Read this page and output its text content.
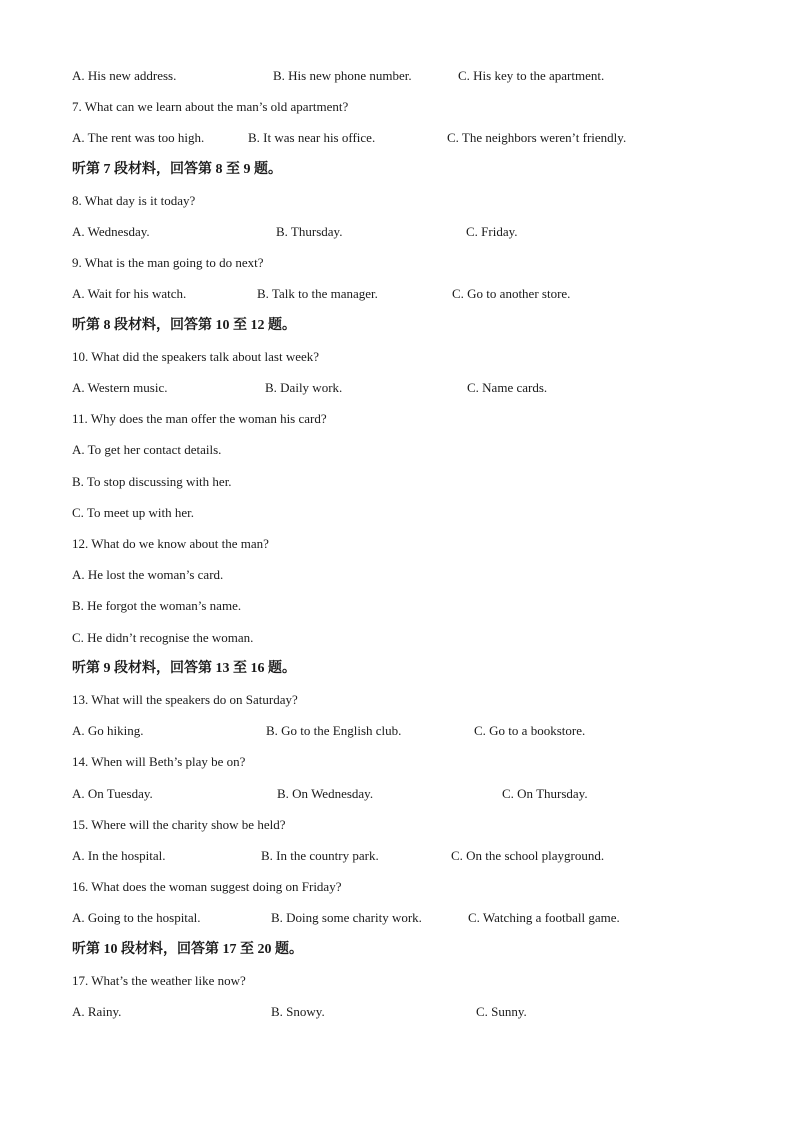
A. His new address.	B. His new phone number.	C. His key to the apartment.
7. What can we learn about the man’s old apartment?
A. The rent was too high.	B. It was near his office.	C. The neighbors weren’t friendly.
听第 7 段材料，回答第 8 至 9 题。
8. What day is it today?
A. Wednesday.	B. Thursday.	C. Friday.
9. What is the man going to do next?
A. Wait for his watch.	B. Talk to the manager.	C. Go to another store.
听第 8 段材料，回答第 10 至 12 题。
10. What did the speakers talk about last week?
A. Western music.	B. Daily work.	C. Name cards.
11. Why does the man offer the woman his card?
A. To get her contact details.
B. To stop discussing with her.
C. To meet up with her.
12. What do we know about the man?
A. He lost the woman’s card.
B. He forgot the woman’s name.
C. He didn’t recognise the woman.
听第 9 段材料，回答第 13 至 16 题。
13. What will the speakers do on Saturday?
A. Go hiking.	B. Go to the English club.	C. Go to a bookstore.
14. When will Beth’s play be on?
A. On Tuesday.	B. On Wednesday.	C. On Thursday.
15. Where will the charity show be held?
A. In the hospital.	B. In the country park.	C. On the school playground.
16. What does the woman suggest doing on Friday?
A. Going to the hospital.	B. Doing some charity work.	C. Watching a football game.
听第 10 段材料，回答第 17 至 20 题。
17. What’s the weather like now?
A. Rainy.	B. Snowy.	C. Sunny.
